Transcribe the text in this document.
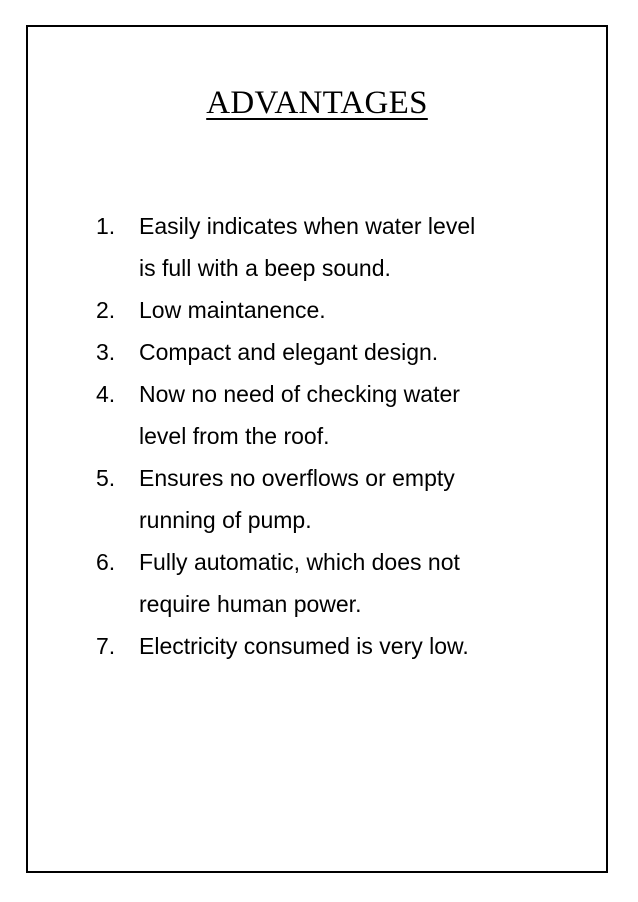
ADVANTAGES
1.	Easily indicates when water level
is full with a beep sound.
2.	Low maintanence.
3.	Compact and elegant design.
4.	Now no need of checking water
level from the roof.
5.	Ensures no overflows or empty
running of pump.
6.	Fully automatic, which does not
require human power.
7.	Electricity consumed is very low.
